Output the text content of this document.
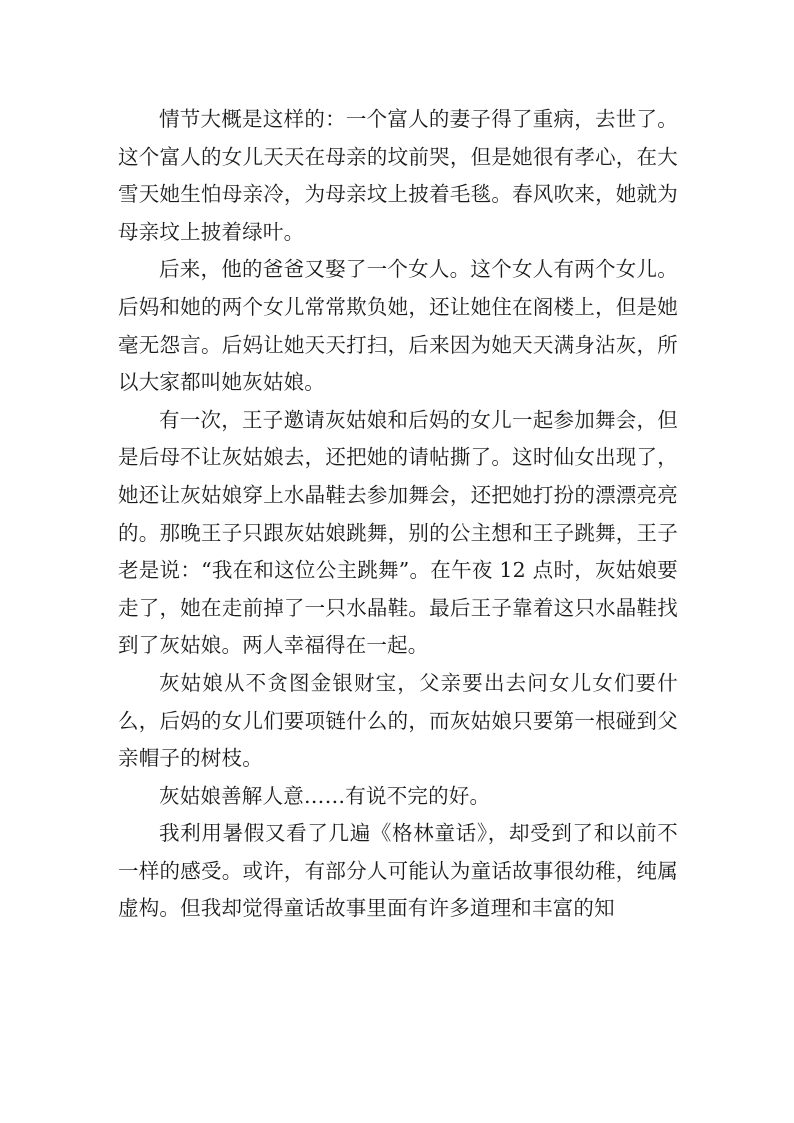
情节大概是这样的：一个富人的妻子得了重病，去世了。这个富人的女儿天天在母亲的坟前哭，但是她很有孝心，在大雪天她生怕母亲冷，为母亲坟上披着毛毯。春风吹来，她就为母亲坟上披着绿叶。

后来，他的爸爸又娶了一个女人。这个女人有两个女儿。后妈和她的两个女儿常常欺负她，还让她住在阁楼上，但是她毫无怨言。后妈让她天天打扫，后来因为她天天满身沾灰，所以大家都叫她灰姑娘。

有一次，王子邀请灰姑娘和后妈的女儿一起参加舞会，但是后母不让灰姑娘去，还把她的请帖撕了。这时仙女出现了，她还让灰姑娘穿上水晶鞋去参加舞会，还把她打扮的漂漂亮亮的。那晚王子只跟灰姑娘跳舞，别的公主想和王子跳舞，王子老是说：“我在和这位公主跳舞”。在午夜 12 点时，灰姑娘要走了，她在走前掉了一只水晶鞋。最后王子靠着这只水晶鞋找到了灰姑娘。两人幸福得在一起。

灰姑娘从不贪图金银财宝，父亲要出去问女儿女们要什么，后妈的女儿们要项链什么的，而灰姑娘只要第一根碰到父亲帽子的树枝。

灰姑娘善解人意……有说不完的好。

我利用暑假又看了几遍《格林童话》，却受到了和以前不一样的感受。或许，有部分人可能认为童话故事很幼稚，纯属虚构。但我却觉得童话故事里面有许多道理和丰富的知
